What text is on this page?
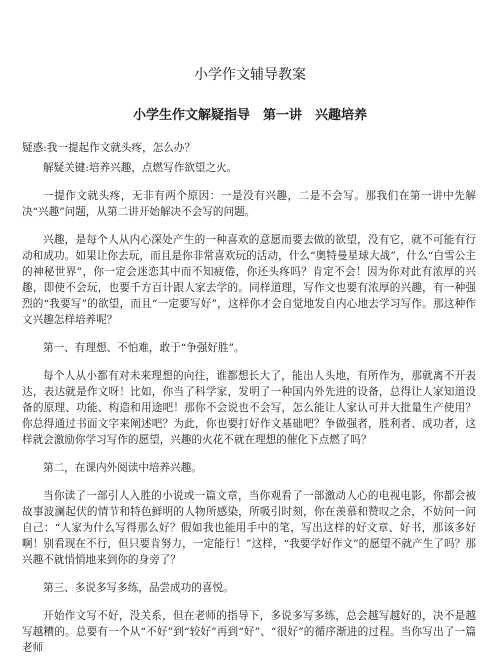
小学作文辅导教案
小学生作文解疑指导　第一讲　兴趣培养

疑惑:我一提起作文就头疼，怎么办？

解疑关键:培养兴趣，点燃写作欲望之火。

一提作文就头疼，无非有两个原因：一是没有兴趣，二是不会写。那我们在第一讲中先解决“兴趣”问题，从第二讲开始解决不会写的问题。

兴趣，是每个人从内心深处产生的一种喜欢的意愿而要去做的欲望，没有它，就不可能有行动和成功。如果让你去玩，而且是你非常喜欢玩的活动，什么“奥特曼星球大战”，什么“白雪公主的神秘世界”，你一定会迷恋其中而不知疲倦，你还头疼吗？肯定不会！因为你对此有浓厚的兴趣，即使不会玩，也要千方百计跟人家去学的。同样道理，写作文也要有浓厚的兴趣，有一种强烈的“我要写”的欲望，而且“一定要写好”，这样你才会自觉地发自内心地去学习写作。那这种作文兴趣怎样培养呢？

第一、有理想、不怕难，敢于“争强好胜”。

每个人从小都有对未来理想的向往，谁都想长大了，能出人头地，有所作为，那就离不开表达，表达就是作文呀！比如，你当了科学家，发明了一种国内外先进的设备，总得让人家知道设备的原理、功能、构造和用途吧！那你不会说也不会写，怎么能让人家认可并大批量生产使用？你总得通过书面文字来阐述吧？为此，你也要打好作文基础吧？争做强者，胜利者、成功者，这样就会激励你学习写作的愿望，兴趣的火花不就在理想的催化下点燃了吗？

第二，在课内外阅读中培养兴趣。

当你读了一部引人入胜的小说或一篇文章，当你观看了一部激动人心的电视电影，你都会被故事波澜起伏的情节和特色鲜明的人物所感染，所吸引时刻，你在羡慕和赞叹之余，不妨问一问自己：“人家为什么写得那么好？假如我也能用手中的笔，写出这样的好文章、好书，那该多好啊！别看现在不行，但只要肯努力，一定能行！”这样，“我要学好作文”的愿望不就产生了吗？那兴趣不就悄悄地来到你的身旁了？

第三、多说多写多练，品尝成功的喜悦。

开始作文写不好，没关系，但在老师的指导下，多说多写多练，总会越写越好的，决不是越写越糟的。总要有一个从“不好”到“较好”再到“好”、“很好”的循序渐进的过程。当你写出了一篇老师
